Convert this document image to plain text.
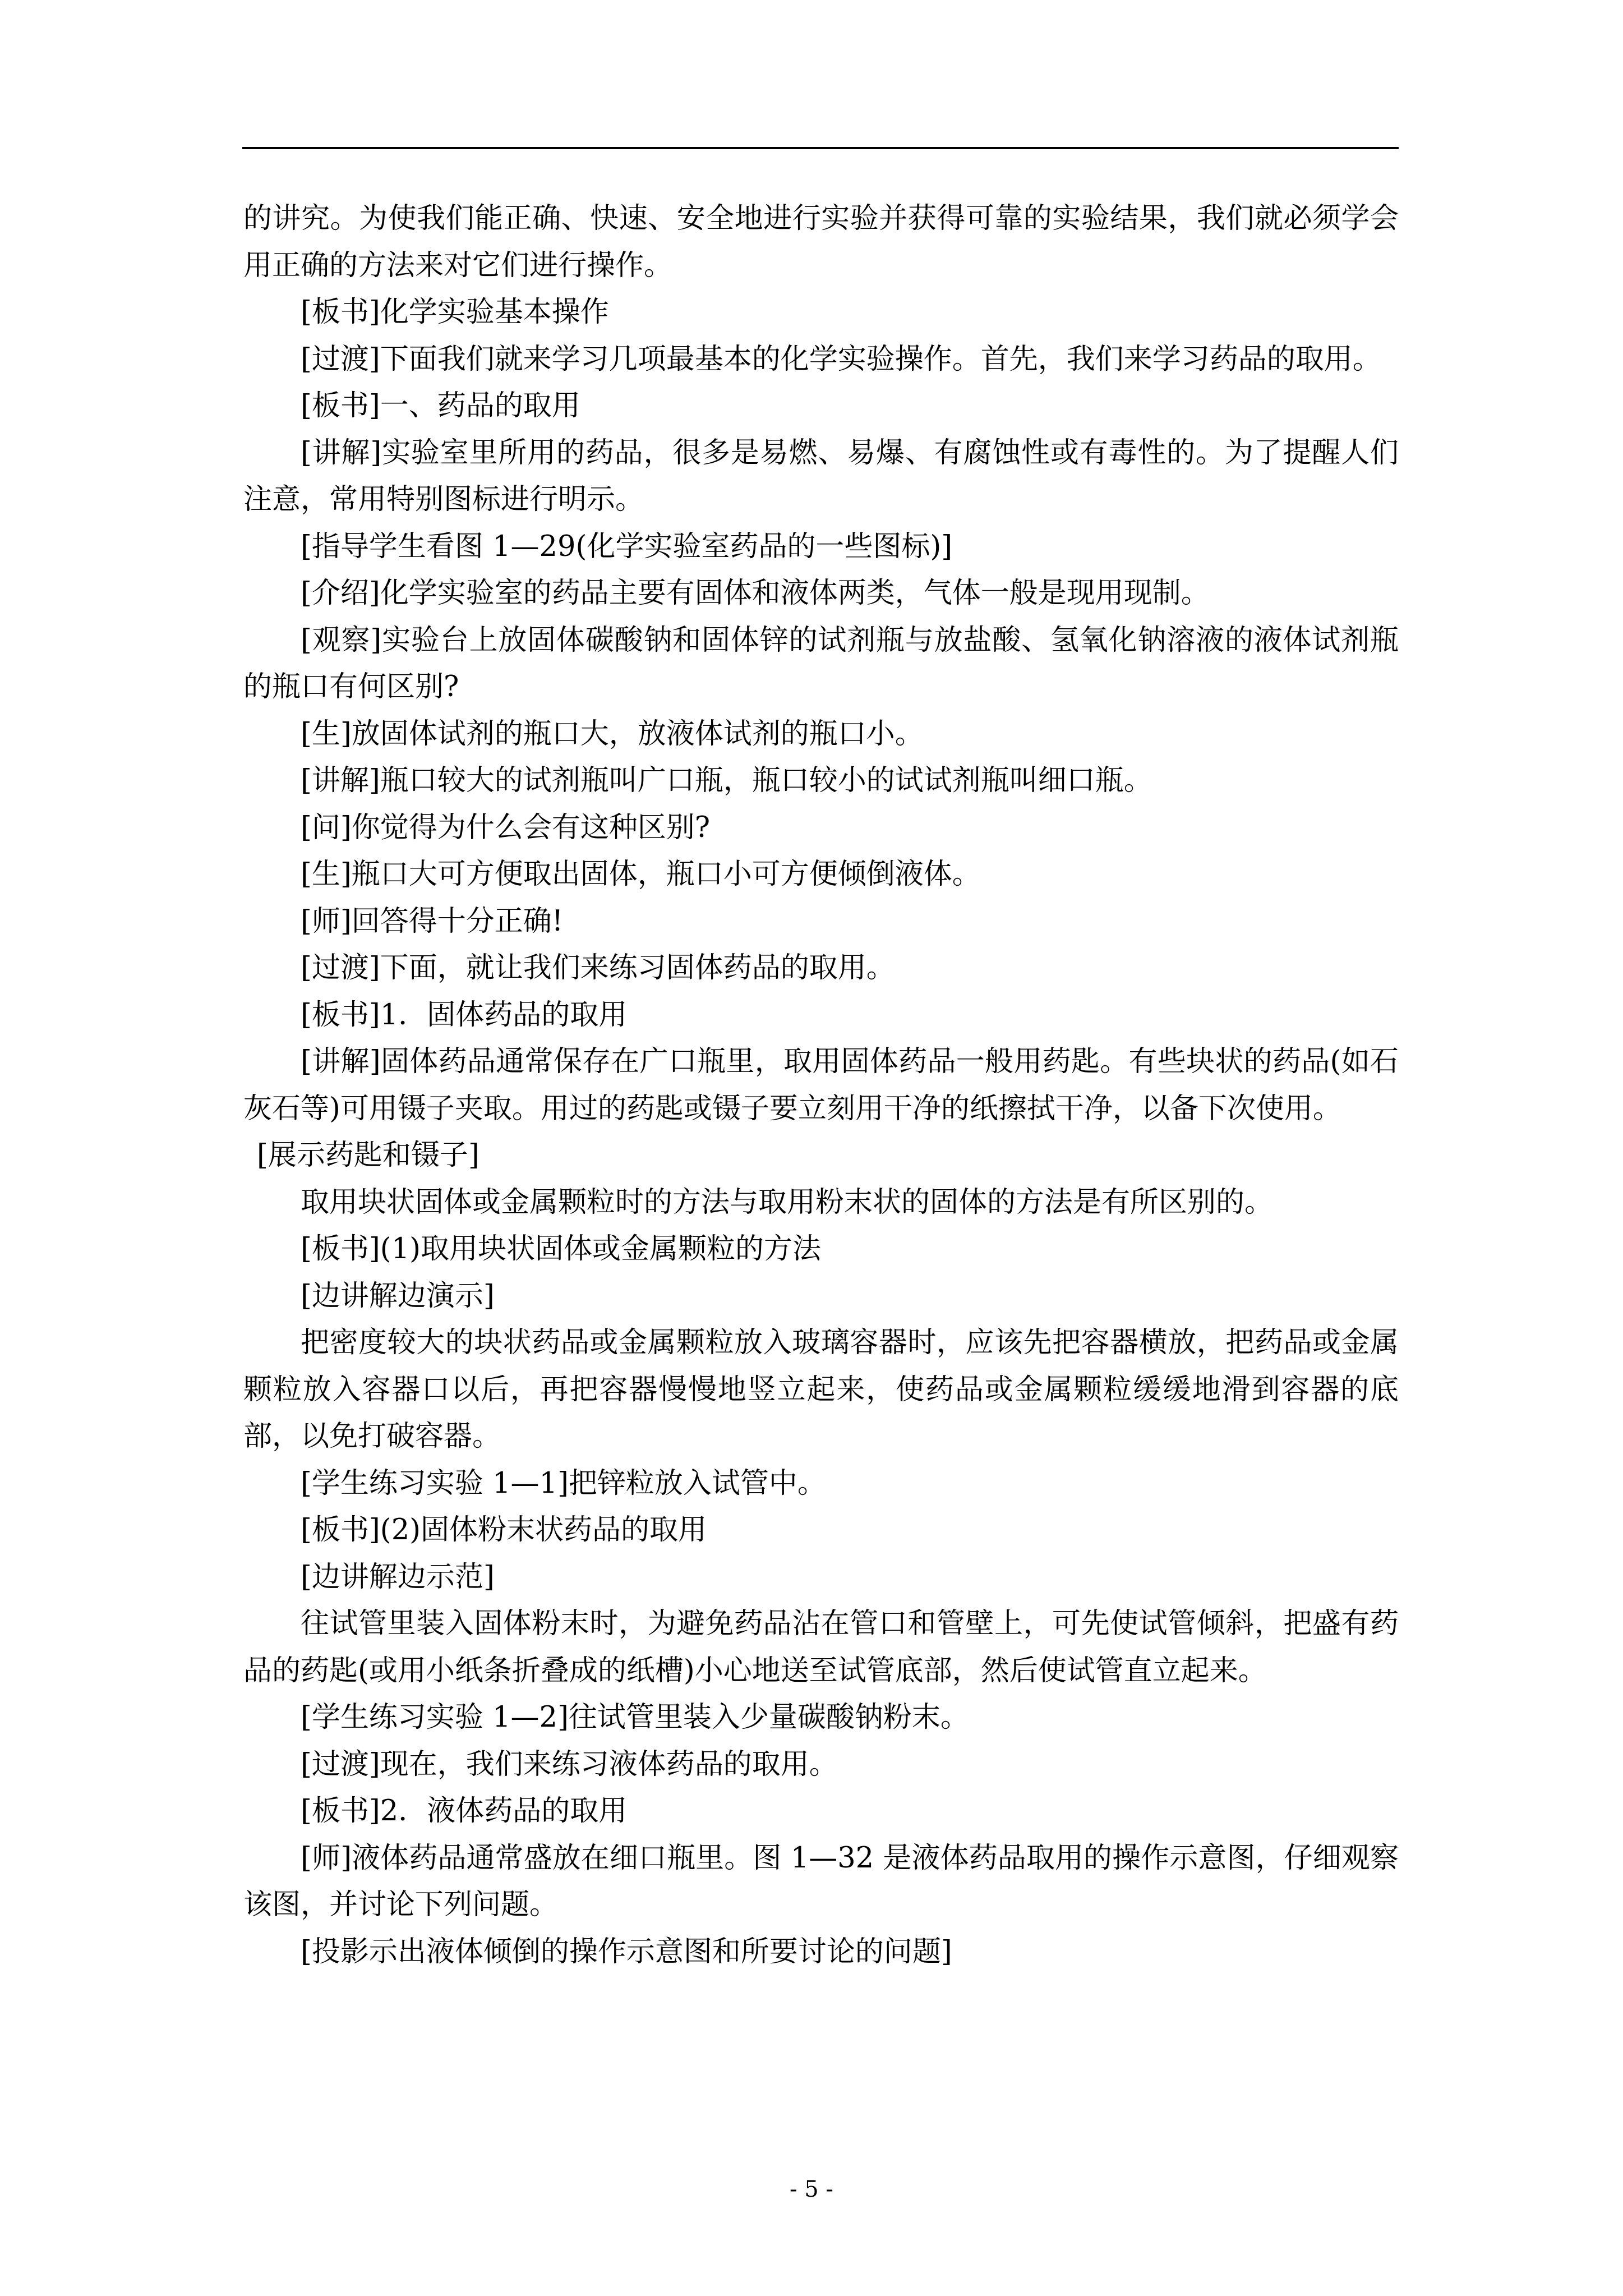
的讲究。为使我们能正确、快速、安全地进行实验并获得可靠的实验结果，我们就必须学会用正确的方法来对它们进行操作。

[板书]化学实验基本操作

[过渡]下面我们就来学习几项最基本的化学实验操作。首先，我们来学习药品的取用。

[板书]一、药品的取用

[讲解]实验室里所用的药品，很多是易燃、易爆、有腐蚀性或有毒性的。为了提醒人们注意，常用特别图标进行明示。

[指导学生看图 1—29(化学实验室药品的一些图标)]

[介绍]化学实验室的药品主要有固体和液体两类，气体一般是现用现制。

[观察]实验台上放固体碳酸钠和固体锌的试剂瓶与放盐酸、氢氧化钠溶液的液体试剂瓶的瓶口有何区别?

[生]放固体试剂的瓶口大，放液体试剂的瓶口小。

[讲解]瓶口较大的试剂瓶叫广口瓶，瓶口较小的试试剂瓶叫细口瓶。

[问]你觉得为什么会有这种区别?

[生]瓶口大可方便取出固体，瓶口小可方便倾倒液体。

[师]回答得十分正确!

[过渡]下面，就让我们来练习固体药品的取用。

[板书]1．固体药品的取用

[讲解]固体药品通常保存在广口瓶里，取用固体药品一般用药匙。有些块状的药品(如石灰石等)可用镊子夹取。用过的药匙或镊子要立刻用干净的纸擦拭干净，以备下次使用。

[展示药匙和镊子]

取用块状固体或金属颗粒时的方法与取用粉末状的固体的方法是有所区别的。

[板书](1)取用块状固体或金属颗粒的方法

[边讲解边演示]

把密度较大的块状药品或金属颗粒放入玻璃容器时，应该先把容器横放，把药品或金属颗粒放入容器口以后，再把容器慢慢地竖立起来，使药品或金属颗粒缓缓地滑到容器的底部，以免打破容器。

[学生练习实验 1—1]把锌粒放入试管中。

[板书](2)固体粉末状药品的取用

[边讲解边示范]

往试管里装入固体粉末时，为避免药品沾在管口和管壁上，可先使试管倾斜，把盛有药品的药匙(或用小纸条折叠成的纸槽)小心地送至试管底部，然后使试管直立起来。

[学生练习实验 1—2]往试管里装入少量碳酸钠粉末。

[过渡]现在，我们来练习液体药品的取用。

[板书]2．液体药品的取用

[师]液体药品通常盛放在细口瓶里。图 1—32 是液体药品取用的操作示意图，仔细观察该图，并讨论下列问题。

[投影示出液体倾倒的操作示意图和所要讨论的问题]

- 5 -
